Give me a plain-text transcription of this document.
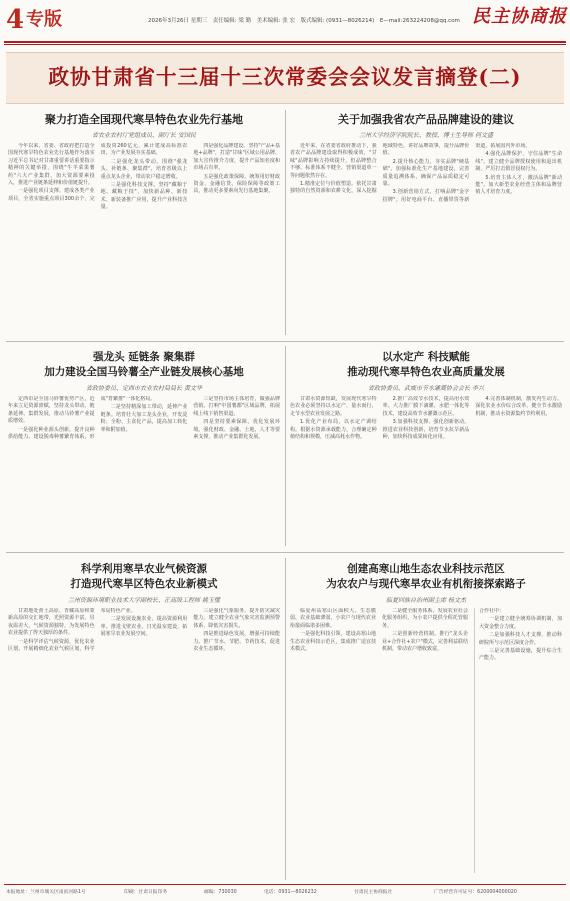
4 专版	2026年3月26日 星期三　责任编辑: 梁 勤　美术编辑: 张 宏　版式编辑: (0931—8026214)　E—mail:263224208@qq.com 民主协商报
政协甘肃省十三届十三次常委会会议发言摘登(二)
聚力打造全国现代寒旱特色农业先行基地
省农业农村厅党组成员、副厅长 安国民

今年以来，省委、省政府把打造全国现代寒旱特色农业先行基地作为落实习近平总书记对甘肃重要讲话重要指示精神的关键举措，围绕"牛羊菜果薯药"六大产业集群，加大资源要素投入，推进产业链条延伸和价值链提升。

一是强化项目支撑。建成各类产业项目，全省实施重点项目300余个，完成投资260亿元，累计建成高标准农田，为产业发展夯实基础。

二是强化龙头带动。围绕"强龙头、补链条、聚集群"，培育省级以上重点龙头企业，带动农户稳定增收。

三是强化科技支撑。坚持"藏粮于地、藏粮于技"，加快新品种、新技术、新装备推广应用，提升产业科技含量。

四是强化品牌建设。坚持"产品+基地+品牌"，打造"甘味"区域公用品牌，加大宣传推介力度，提升产品知名度和市场占有率。

五是强化政策保障。统筹用好财政资金、金融信贷、保险保障等政策工具，推动更多要素向先行基地集聚。

关于加强我省农产品品牌建设的建议
兰州大学经济学院院长、教授、博士生导师 何文盛

近年来，在省委省政府推动下，我省农产品品牌建设取得积极成效，"甘味"品牌影响力持续提升，但品牌整合不够、标准体系不健全、营销渠道单一等问题依然存在。

1.精准定位与价值塑造。依托甘肃独特的自然资源和农耕文化，深入挖掘地域特色，讲好品牌故事，提升品牌价值。

2.提升核心能力，夯实品牌"硬基础"。加强标准化生产基地建设，完善质量追溯体系，确保产品品质稳定可靠。

3.创新营销方式，打响品牌"金字招牌"。用好电商平台、直播带货等新渠道，拓展国内外市场。

4.强化品牌保护，守住品牌"生命线"。建立健全品牌授权使用和退出机制，严厉打击假冒侵权行为。

5.培育主体人才，激活品牌"新动能"。加大新型农业经营主体和品牌营销人才培育力度。

强龙头 延链条 聚集群
加力建设全国马铃薯全产业链发展核心基地
省政协委员、定西市农业农村局局长 黄文华

定西市是全国马铃薯优势产区，近年来立足资源禀赋，坚持龙头带动、链条延伸、集群发展，推动马铃薯产业提质增效。

一是强化种业源头创新，提升良种供给能力。建设脱毒种薯繁育体系，形成"育繁推"一体化格局。

二是坚持精深加工带动，延伸产业链条。培育壮大加工龙头企业，开发淀粉、全粉、主食化产品，提高加工转化率和附加值。

三是坚持市场主体培育，做强品牌营销。打响"中国薯都"区域品牌，拓展线上线下销售渠道。

四是坚持要素保障，优化发展环境。强化财政、金融、土地、人才等要素支撑，推动产业集群化发展。

以水定产 科技赋能
推动现代寒旱特色农业高质量发展
省政协委员、武威市节水灌溉协会会长 李兴

甘肃水资源短缺，发展现代寒旱特色农业必须坚持以水定产、量水而行，走节水型农业发展之路。

1.优化产业布局，以水定产调结构。根据水资源承载能力，合理确定种植结构和规模，压减高耗水作物。

2.推广高效节水技术，提高用水效率。大力推广膜下滴灌、水肥一体化等技术，建设高效节水灌溉示范区。

3.加强科技支撑，强化创新驱动。推进农业科技创新，培育节水抗旱新品种，加快科技成果转化应用。

4.完善体制机制，激发内生动力。深化农业水价综合改革，健全节水激励机制，推动水资源集约节约利用。

科学利用寒旱农业气候资源
打造现代寒旱区特色农业新模式
兰州资源环境职业技术大学副校长、正高级工程师 姚玉璧

甘肃地处黄土高原、青藏高原和蒙新高原的交汇地带，光照资源丰富，昼夜温差大，气候资源独特，为发展特色农业提供了得天独厚的条件。

一是科学评估气候资源，优化农业区划。开展精细化农业气候区划，科学布局特色产业。

二是发展设施农业，提高资源利用率。推进戈壁农业、日光温室建设，拓展寒旱农业发展空间。

三是强化气象服务，提升防灾减灾能力。建立健全农业气象灾害监测预警体系，降低灾害损失。

四是推进绿色发展，增强可持续能力。推广节水、节肥、节药技术，促进农业生态循环。

创建高寒山地生态农业科技示范区
为农农户与现代寒旱农业有机衔接探索路子
临夏回族自治州副主席 杨文杰

临夏州高寒山区面积大、生态脆弱、农业基础薄弱，小农户与现代农业衔接面临诸多困难。

一是强化科技引领。建设高寒山地生态农业科技示范区，集成推广适宜技术模式。

二是健全服务体系。发展农业社会化服务组织，为小农户提供全程托管服务。

三是创新经营机制。推行"龙头企业+合作社+农户"模式，完善利益联结机制，带动农户增收致富。

合作社中：

一是建立健全统筹协调机制，加大资金整合力度。

二是加强科技人才支撑，推动科研院所与示范区深度合作。

三是完善基础设施，提升综合生产能力。

本报地址：兰州市城关区南滨河路1号	印刷：甘肃日报印务	邮编：730030	电话：0931—8026232	甘肃民主协商报社	广告经营许可证号：6200004000020
